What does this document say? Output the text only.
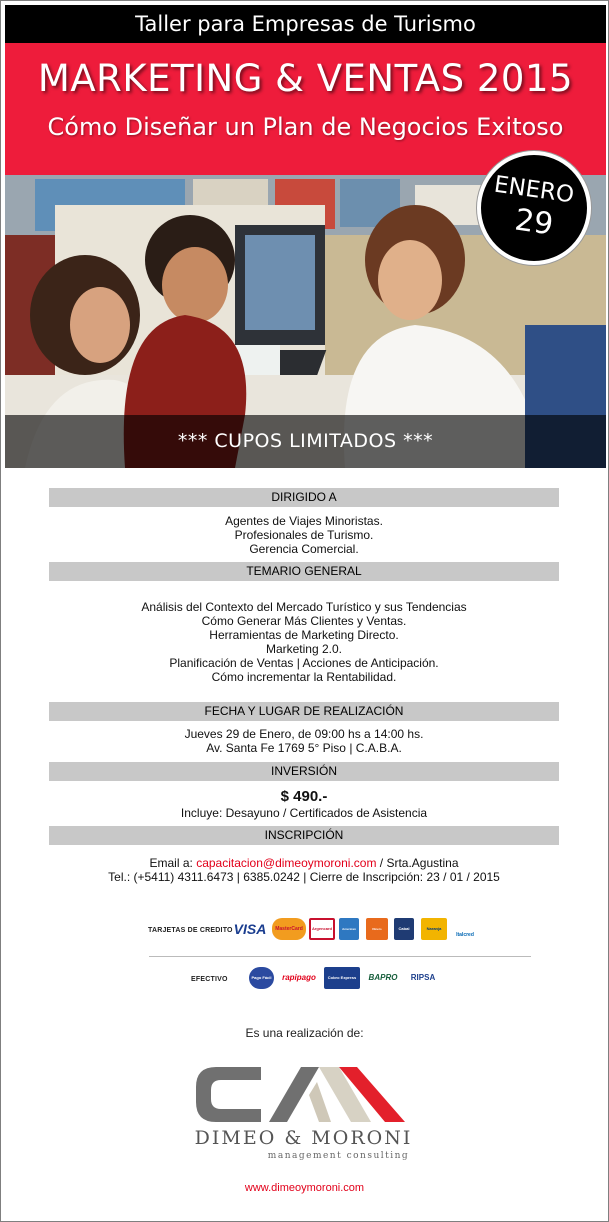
Taller para Empresas de Turismo
MARKETING & VENTAS 2015
Cómo Diseñar un Plan de Negocios Exitoso
*** CUPOS LIMITADOS ***
ENERO
29
DIRIGIDO A
Agentes de Viajes Minoristas.
Profesionales de Turismo.
Gerencia Comercial.
TEMARIO GENERAL
Análisis del Contexto del Mercado Turístico y sus Tendencias
Cómo Generar Más Clientes y Ventas.
Herramientas de Marketing Directo.
Marketing 2.0.
Planificación de Ventas | Acciones de Anticipación.
Cómo incrementar la Rentabilidad.
FECHA Y LUGAR DE REALIZACIÓN
Jueves 29 de Enero, de 09:00 hs a 14:00 hs.
Av. Santa Fe 1769 5° Piso | C.A.B.A.
INVERSIÓN
$ 490.-
Incluye: Desayuno / Certificados de Asistencia
INSCRIPCIÓN
Email a: capacitacion@dimeoymoroni.com / Srta.Agustina
Tel.: (+5411) 4311.6473 | 6385.0242 | Cierre de Inscripción: 23 / 01 / 2015
TARJETAS DE CREDITO VISA	MasterCard	Argencard	American Express
Diners	Cabal	Naranja
Italcred
EFECTIVO	Pago Fácil	rapipago	Cobro Express	BAPRO	RIPSA
Es una realización de:
DIMEO & MORONI
management consulting
www.dimeoymoroni.com
